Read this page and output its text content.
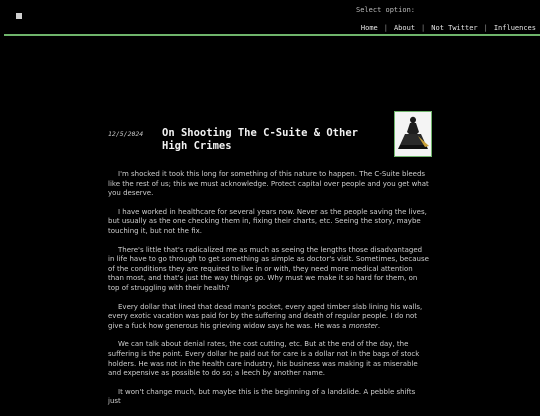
Select option:
Home | About | Not Twitter | Influences
12/5/2024 On Shooting The C-Suite & Other High Crimes

I'm shocked it took this long for something of this nature to happen. The C-Suite bleeds like the rest of us; this we must acknowledge. Protect capital over people and you get what you deserve.

I have worked in healthcare for several years now. Never as the people saving the lives, but usually as the one checking them in, fixing their charts, etc. Seeing the story, maybe touching it, but not the fix.

There's little that's radicalized me as much as seeing the lengths those disadvantaged in life have to go through to get something as simple as doctor's visit. Sometimes, because of the conditions they are required to live in or with, they need more medical attention than most, and that's just the way things go. Why must we make it so hard for them, on top of struggling with their health?

Every dollar that lined that dead man's pocket, every aged timber slab lining his walls, every exotic vacation was paid for by the suffering and death of regular people. I do not give a fuck how generous his grieving widow says he was. He was a monster.

We can talk about denial rates, the cost cutting, etc. But at the end of the day, the suffering is the point. Every dollar he paid out for care is a dollar not in the bags of stock holders. He was not in the health care industry, his business was making it as miserable and expensive as possible to do so; a leech by another name.

It won't change much, but maybe this is the beginning of a landslide. A pebble shifts just
